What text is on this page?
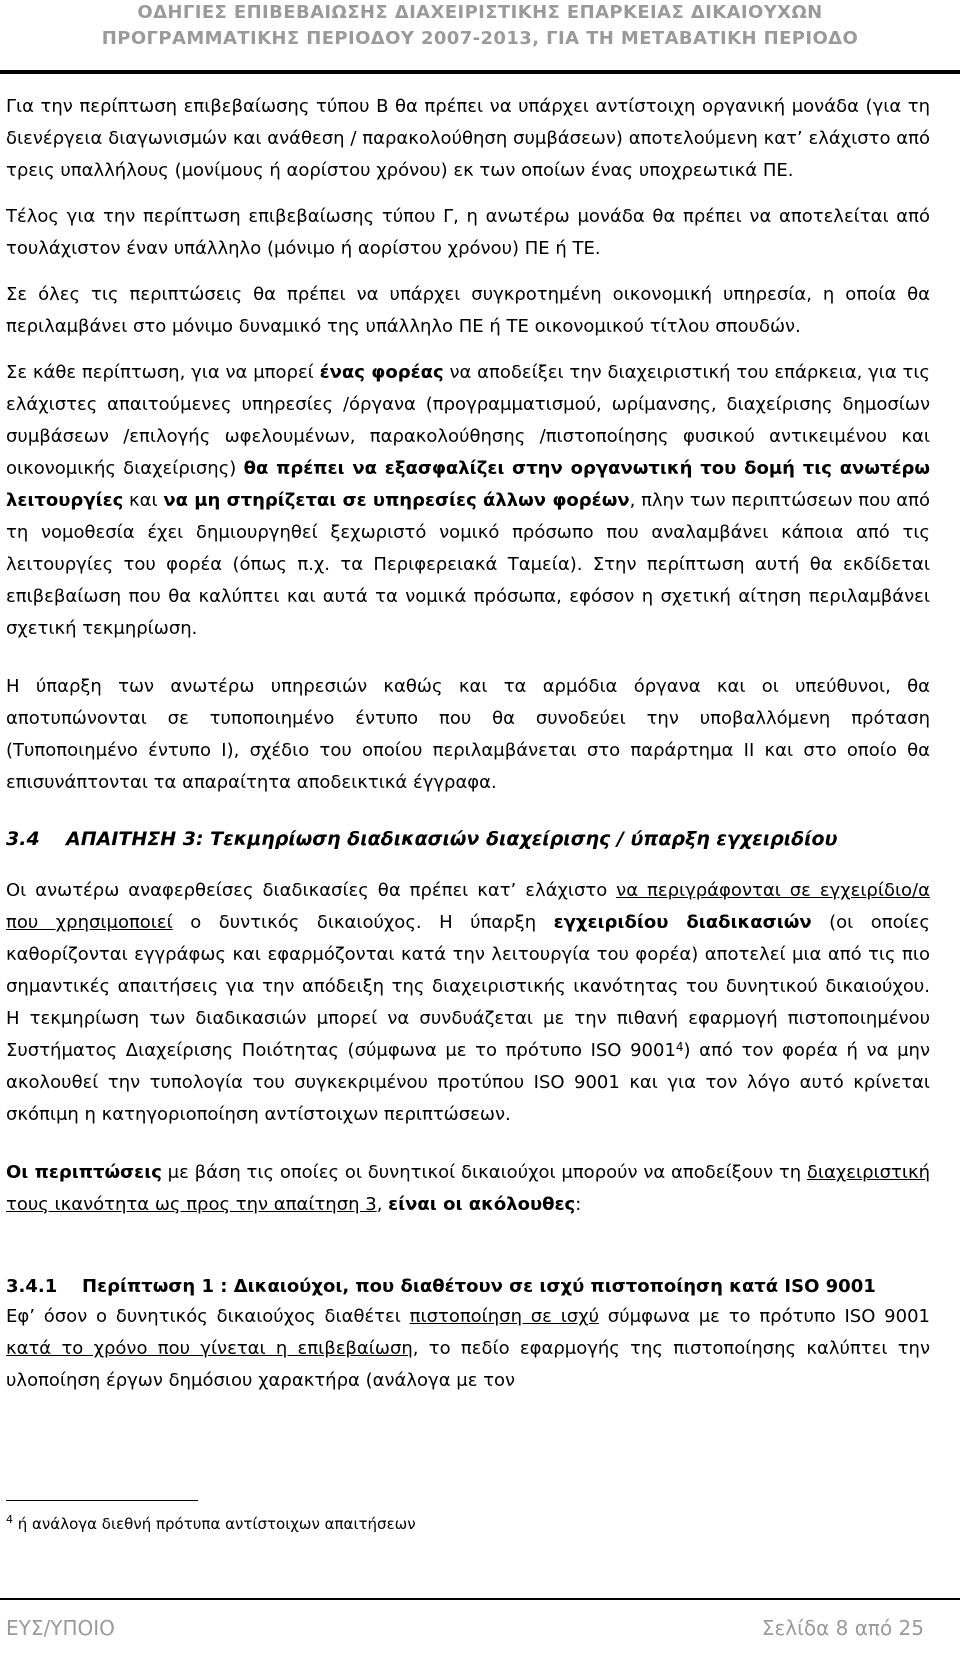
ΟΔΗΓΙΕΣ ΕΠΙΒΕΒΑΙΩΣΗΣ ΔΙΑΧΕΙΡΙΣΤΙΚΗΣ ΕΠΑΡΚΕΙΑΣ ΔΙΚΑΙΟΥΧΩΝ
ΠΡΟΓΡΑΜΜΑΤΙΚΗΣ ΠΕΡΙΟΔΟΥ 2007-2013, ΓΙΑ ΤΗ ΜΕΤΑΒΑΤΙΚΗ ΠΕΡΙΟΔΟ

Για την περίπτωση επιβεβαίωσης τύπου Β θα πρέπει να υπάρχει αντίστοιχη οργανική μονάδα (για τη διενέργεια διαγωνισμών και ανάθεση / παρακολούθηση συμβάσεων) αποτελούμενη κατ’ ελάχιστο από τρεις υπαλλήλους (μονίμους ή αορίστου χρόνου) εκ των οποίων ένας υποχρεωτικά ΠΕ.

Τέλος για την περίπτωση επιβεβαίωσης τύπου Γ, η ανωτέρω μονάδα θα πρέπει να αποτελείται από τουλάχιστον έναν υπάλληλο (μόνιμο ή αορίστου χρόνου) ΠΕ ή ΤΕ.

Σε όλες τις περιπτώσεις θα πρέπει να υπάρχει συγκροτημένη οικονομική υπηρεσία, η οποία θα περιλαμβάνει στο μόνιμο δυναμικό της υπάλληλο ΠΕ ή ΤΕ οικονομικού τίτλου σπουδών.

Σε κάθε περίπτωση, για να μπορεί ένας φορέας να αποδείξει την διαχειριστική του επάρκεια, για τις ελάχιστες απαιτούμενες υπηρεσίες /όργανα (προγραμματισμού, ωρίμανσης, διαχείρισης δημοσίων συμβάσεων /επιλογής ωφελουμένων, παρακολούθησης /πιστοποίησης φυσικού αντικειμένου και οικονομικής διαχείρισης) θα πρέπει να εξασφαλίζει στην οργανωτική του δομή τις ανωτέρω λειτουργίες και να μη στηρίζεται σε υπηρεσίες άλλων φορέων, πλην των περιπτώσεων που από τη νομοθεσία έχει δημιουργηθεί ξεχωριστό νομικό πρόσωπο που αναλαμβάνει κάποια από τις λειτουργίες του φορέα (όπως π.χ. τα Περιφερειακά Ταμεία). Στην περίπτωση αυτή θα εκδίδεται επιβεβαίωση που θα καλύπτει και αυτά τα νομικά πρόσωπα, εφόσον η σχετική αίτηση περιλαμβάνει σχετική τεκμηρίωση.

Η ύπαρξη των ανωτέρω υπηρεσιών καθώς και τα αρμόδια όργανα και οι υπεύθυνοι, θα αποτυπώνονται σε τυποποιημένο έντυπο που θα συνοδεύει την υποβαλλόμενη πρόταση (Τυποποιημένο έντυπο Ι), σχέδιο του οποίου περιλαμβάνεται στο παράρτημα ΙΙ και στο οποίο θα επισυνάπτονται τα απαραίτητα αποδεικτικά έγγραφα.

3.4 ΑΠΑΙΤΗΣΗ 3: Τεκμηρίωση διαδικασιών διαχείρισης / ύπαρξη εγχειριδίου

Οι ανωτέρω αναφερθείσες διαδικασίες θα πρέπει κατ’ ελάχιστο να περιγράφονται σε εγχειρίδιο/α που χρησιμοποιεί ο δυντικός δικαιούχος. Η ύπαρξη εγχειριδίου διαδικασιών (οι οποίες καθορίζονται εγγράφως και εφαρμόζονται κατά την λειτουργία του φορέα) αποτελεί μια από τις πιο σημαντικές απαιτήσεις για την απόδειξη της διαχειριστικής ικανότητας του δυνητικού δικαιούχου. Η τεκμηρίωση των διαδικασιών μπορεί να συνδυάζεται με την πιθανή εφαρμογή πιστοποιημένου Συστήματος Διαχείρισης Ποιότητας (σύμφωνα με το πρότυπο ISO 9001$^4$) από τον φορέα ή να μην ακολουθεί την τυπολογία του συγκεκριμένου προτύπου ISO 9001 και για τον λόγο αυτό κρίνεται σκόπιμη η κατηγοριοποίηση αντίστοιχων περιπτώσεων.

Οι περιπτώσεις με βάση τις οποίες οι δυνητικοί δικαιούχοι μπορούν να αποδείξουν τη διαχειριστική τους ικανότητα ως προς την απαίτηση 3, είναι οι ακόλουθες:

3.4.1	Περίπτωση 1 : Δικαιούχοι, που διαθέτουν σε ισχύ πιστοποίηση κατά ISO 9001

Εφ’ όσον ο δυνητικός δικαιούχος διαθέτει πιστοποίηση σε ισχύ σύμφωνα με το πρότυπο ISO 9001 κατά το χρόνο που γίνεται η επιβεβαίωση, το πεδίο εφαρμογής της πιστοποίησης καλύπτει την υλοποίηση έργων δημόσιου χαρακτήρα (ανάλογα με τον

$^4$ ή ανάλογα διεθνή πρότυπα αντίστοιχων απαιτήσεων
ΕΥΣ/ΥΠΟΙΟ	Σελίδα 8 από 25
